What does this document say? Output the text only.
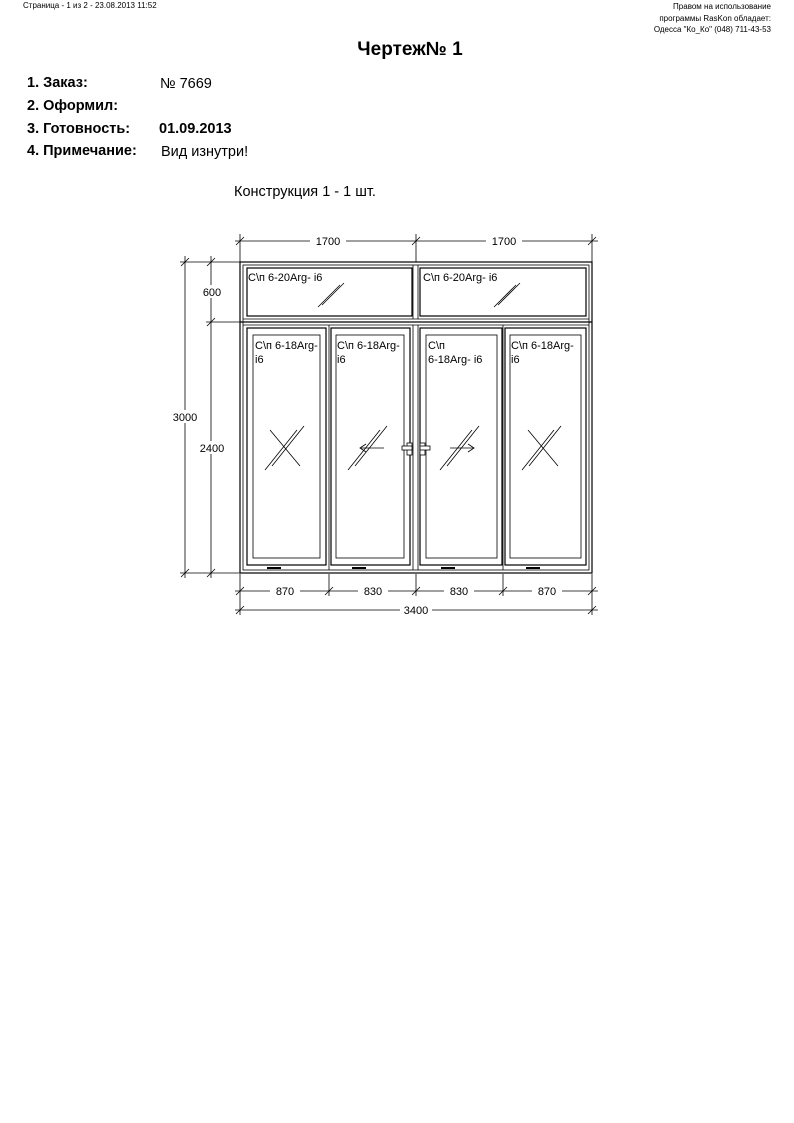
Страница - 1 из 2 - 23.08.2013 11:52	Правом на использование
программы RasKon обладает:
Одесса "Ко_Ко" (048) 711-43-53
Чертеж№ 1
1. Заказ:	№ 7669
2. Оформил:
3. Готовность: 01.09.2013
4. Примечание: Вид изнутри!
Конструкция 1 - 1 шт.
1700	1700
870	830	830	870
3400
3000
600
2400
С\п 6-20Arg- i6	С\п 6-20Arg- i6
С\п 6-18Arg-
i6
С\п 6-18Arg-
i6
С\п
6-18Arg- i6
С\п 6-18Arg-
i6
